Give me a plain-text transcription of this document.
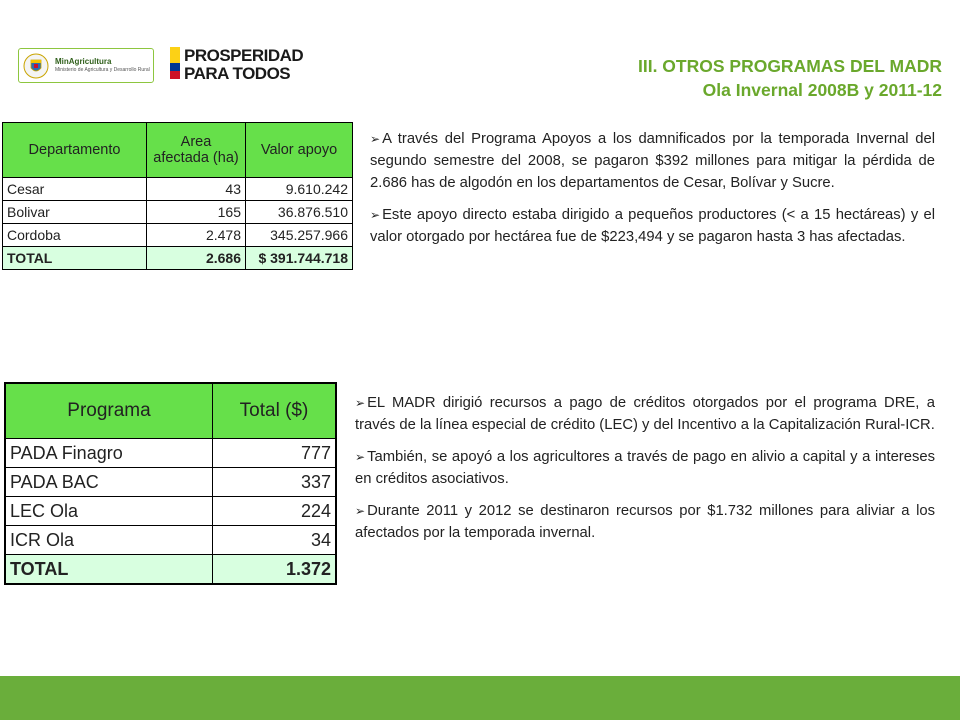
MinAgricultura
Ministerio de Agricultura y Desarrollo Rural
PROSPERIDAD
PARA TODOS	III. OTROS PROGRAMAS DEL MADR
Ola Invernal 2008B y 2011-12
Departamento	Area afectada (ha)	Valor apoyo
Cesar	43	9.610.242
Bolivar	165	36.876.510
Cordoba	2.478	345.257.966
TOTAL	2.686	$ 391.744.718

➢ A través del Programa Apoyos a los damnificados por la temporada Invernal del segundo semestre del 2008, se pagaron $392 millones para mitigar la pérdida de 2.686 has de algodón en los departamentos de Cesar, Bolívar y Sucre.

➢ Este apoyo directo estaba dirigido a pequeños productores (< a 15 hectáreas) y el valor otorgado por hectárea fue de $223,494 y se pagaron hasta 3 has afectadas.

Programa	Total ($)
PADA Finagro	777
PADA BAC	337
LEC Ola	224
ICR Ola	34
TOTAL	1.372

➢ EL MADR dirigió recursos a pago de créditos otorgados por el programa DRE, a través de la línea especial de crédito (LEC) y del Incentivo a la Capitalización Rural-ICR.

➢ También, se apoyó a los agricultores a través de pago en alivio a capital y a intereses en créditos asociativos.

➢ Durante 2011 y 2012 se destinaron recursos por $1.732 millones para aliviar a los afectados por la temporada invernal.
